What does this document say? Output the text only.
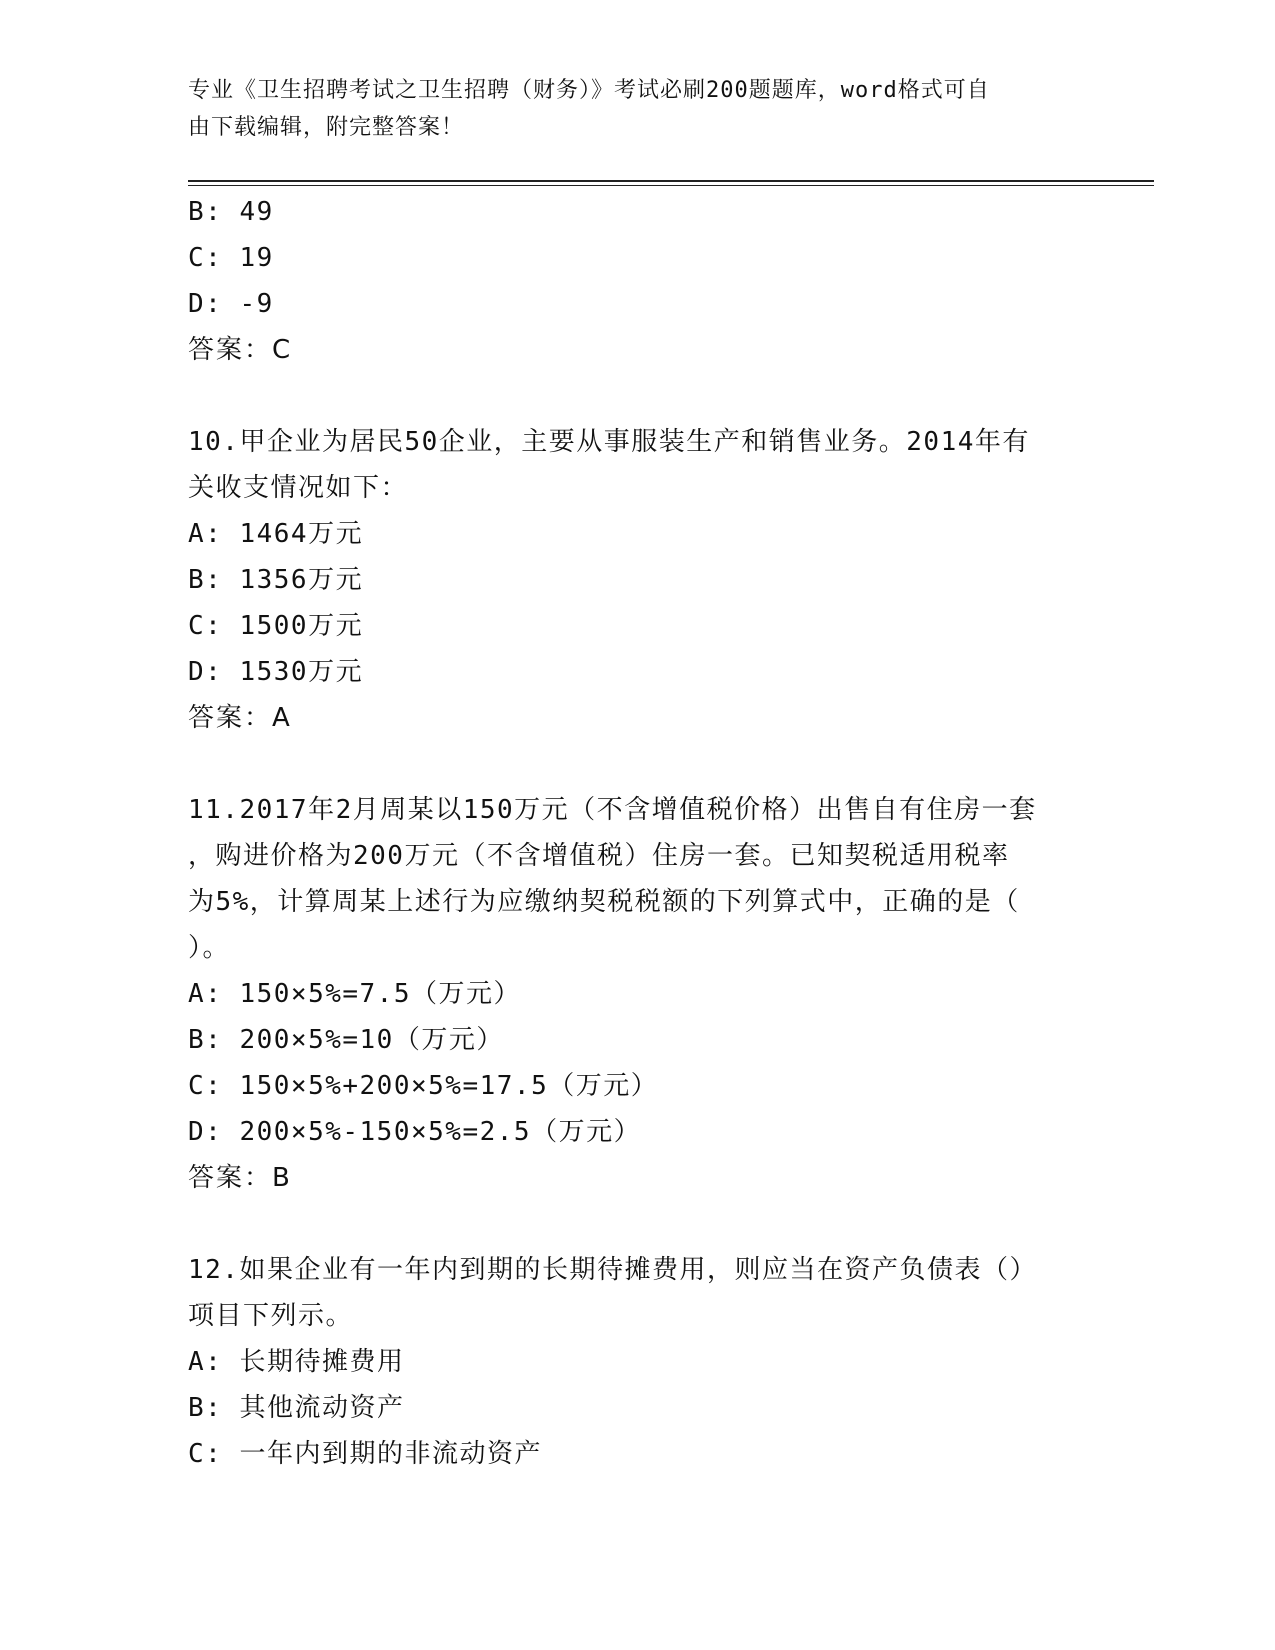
专业《卫生招聘考试之卫生招聘（财务）》考试必刷200题题库，word格式可自
由下载编辑，附完整答案！
B: 49
C: 19
D: -9
答案：C
10.甲企业为居民50企业，主要从事服装生产和销售业务。2014年有
关收支情况如下：
A: 1464万元
B: 1356万元
C: 1500万元
D: 1530万元
答案：A
11.2017年2月周某以150万元（不含增值税价格）出售自有住房一套
，购进价格为200万元（不含增值税）住房一套。已知契税适用税率
为5%，计算周某上述行为应缴纳契税税额的下列算式中，正确的是（
）。
A: 150×5%=7.5（万元）
B: 200×5%=10（万元）
C: 150×5%+200×5%=17.5（万元）
D: 200×5%-150×5%=2.5（万元）
答案：B
12.如果企业有一年内到期的长期待摊费用，则应当在资产负债表（）
项目下列示。
A: 长期待摊费用
B: 其他流动资产
C: 一年内到期的非流动资产
